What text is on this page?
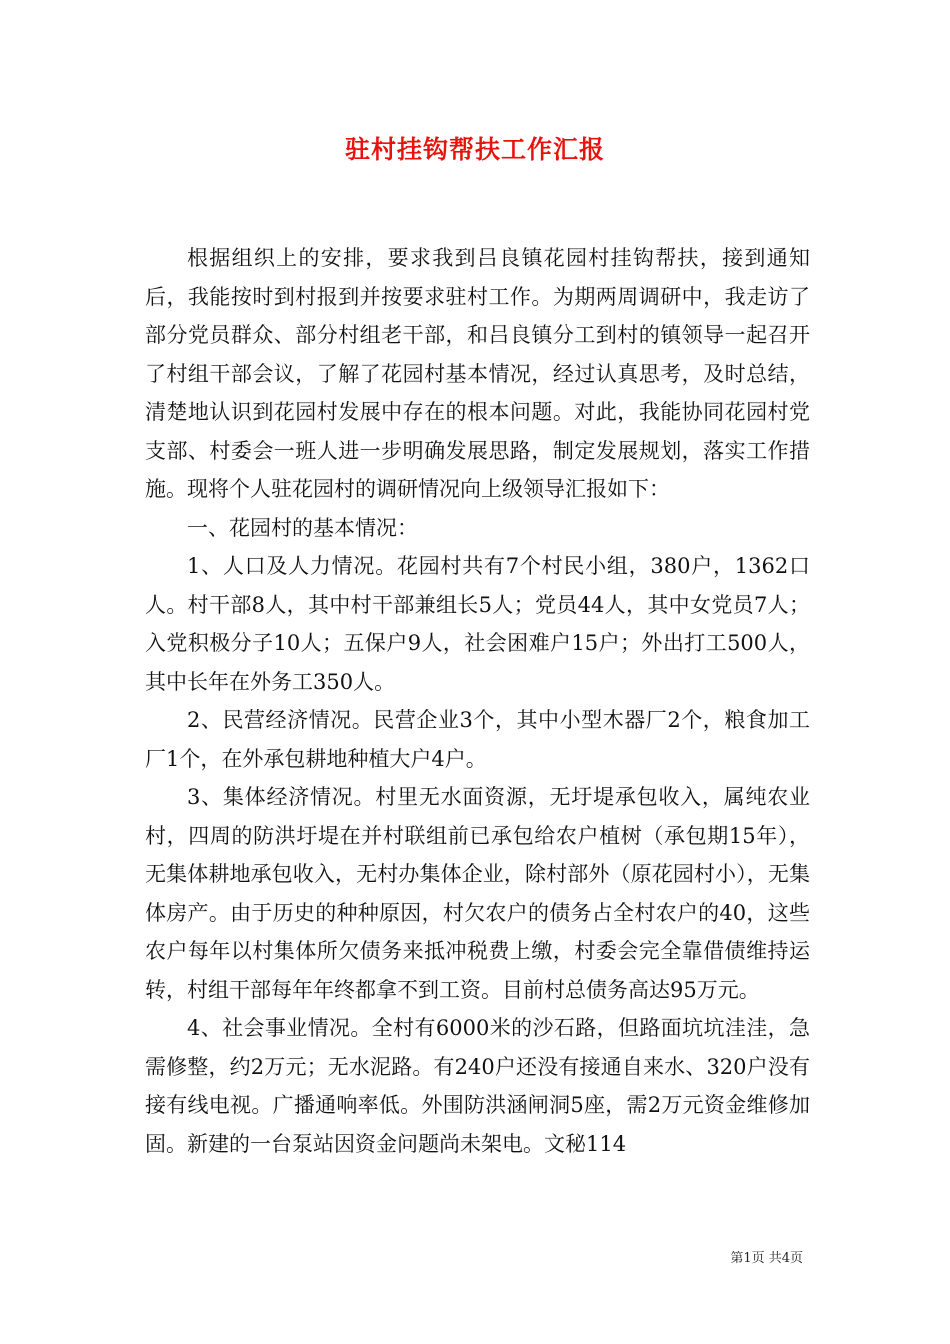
驻村挂钩帮扶工作汇报

根据组织上的安排，要求我到吕良镇花园村挂钩帮扶，接到通知后，我能按时到村报到并按要求驻村工作。为期两周调研中，我走访了部分党员群众、部分村组老干部，和吕良镇分工到村的镇领导一起召开了村组干部会议，了解了花园村基本情况，经过认真思考，及时总结，清楚地认识到花园村发展中存在的根本问题。对此，我能协同花园村党支部、村委会一班人进一步明确发展思路，制定发展规划，落实工作措施。现将个人驻花园村的调研情况向上级领导汇报如下：

一、花园村的基本情况：

1、人口及人力情况。花园村共有7个村民小组，380户，1362口人。村干部8人，其中村干部兼组长5人；党员44人，其中女党员7人；入党积极分子10人；五保户9人，社会困难户15户；外出打工500人，其中长年在外务工350人。

2、民营经济情况。民营企业3个，其中小型木器厂2个，粮食加工厂1个，在外承包耕地种植大户4户。

3、集体经济情况。村里无水面资源，无圩堤承包收入，属纯农业村，四周的防洪圩堤在并村联组前已承包给农户植树（承包期15年），无集体耕地承包收入，无村办集体企业，除村部外（原花园村小），无集体房产。由于历史的种种原因，村欠农户的债务占全村农户的40，这些农户每年以村集体所欠债务来抵冲税费上缴，村委会完全靠借债维持运转，村组干部每年年终都拿不到工资。目前村总债务高达95万元。

4、社会事业情况。全村有6000米的沙石路，但路面坑坑洼洼，急需修整，约2万元；无水泥路。有240户还没有接通自来水、320户没有接有线电视。广播通响率低。外围防洪涵闸洞5座，需2万元资金维修加固。新建的一台泵站因资金问题尚未架电。文秘114

第1页 共4页
